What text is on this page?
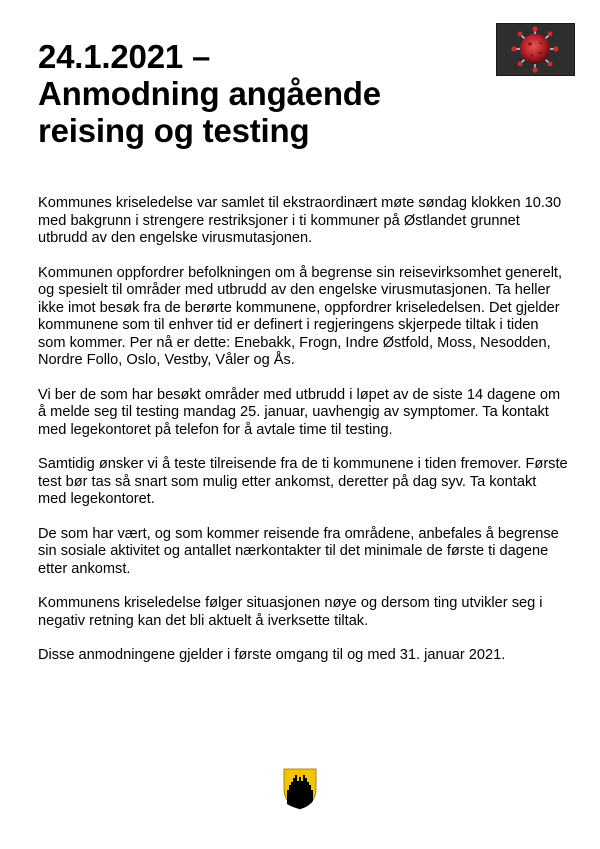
24.1.2021 –
Anmodning angående
reising og testing

Kommunes kriseledelse var samlet til ekstraordinært møte søndag klokken 10.30 med bakgrunn i strengere restriksjoner i ti kommuner på Østlandet grunnet utbrudd av den engelske virusmutasjonen.

Kommunen oppfordrer befolkningen om å begrense sin reisevirksomhet generelt, og spesielt til områder med utbrudd av den engelske virusmutasjonen. Ta heller ikke imot besøk fra de berørte kommunene, oppfordrer kriseledelsen. Det gjelder kommunene som til enhver tid er definert i regjeringens skjerpede tiltak i tiden som kommer. Per nå er dette: Enebakk, Frogn, Indre Østfold, Moss, Nesodden, Nordre Follo, Oslo, Vestby, Våler og Ås.

Vi ber de som har besøkt områder med utbrudd i løpet av de siste 14 dagene om å melde seg til testing mandag 25. januar, uavhengig av symptomer. Ta kontakt med legekontoret på telefon for å avtale time til testing.

Samtidig ønsker vi å teste tilreisende fra de ti kommunene i tiden fremover. Første test bør tas så snart som mulig etter ankomst, deretter på dag syv. Ta kontakt med legekontoret.

De som har vært, og som kommer reisende fra områdene, anbefales å begrense sin sosiale aktivitet og antallet nærkontakter til det minimale de første ti dagene etter ankomst.

Kommunens kriseledelse følger situasjonen nøye og dersom ting utvikler seg i negativ retning kan det bli aktuelt å iverksette tiltak.

Disse anmodningene gjelder i første omgang til og med 31. januar 2021.
